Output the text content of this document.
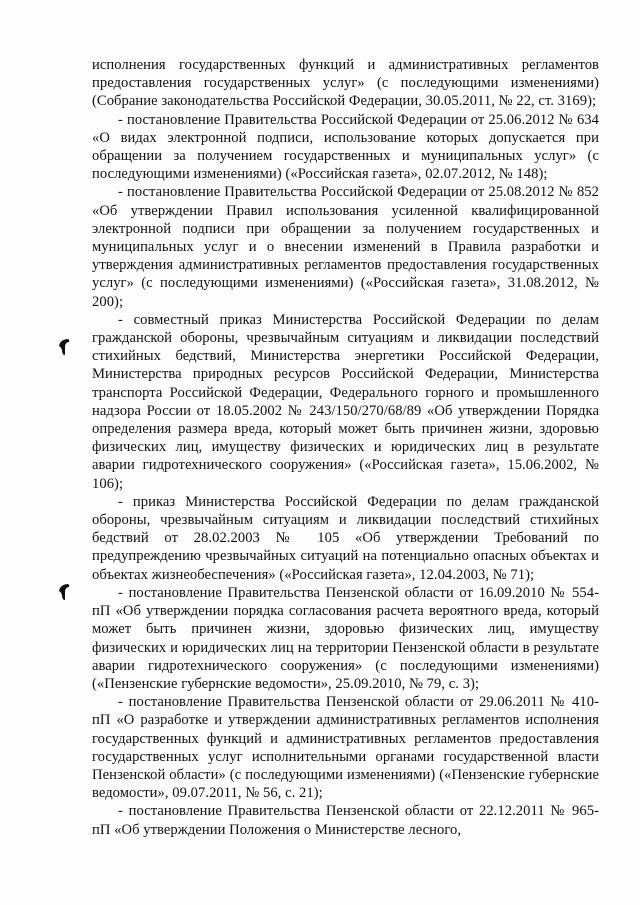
исполнения государственных функций и административных регламентов предоставления государственных услуг» (с последующими изменениями) (Собрание законодательства Российской Федерации, 30.05.2011, № 22, ст. 3169);

- постановление Правительства Российской Федерации от 25.06.2012 № 634 «О видах электронной подписи, использование которых допускается при обращении за получением государственных и муниципальных услуг» (с последующими изменениями) («Российская газета», 02.07.2012, № 148);

- постановление Правительства Российской Федерации от 25.08.2012 № 852 «Об утверждении Правил использования усиленной квалифицированной электронной подписи при обращении за получением государственных и муниципальных услуг и о внесении изменений в Правила разработки и утверждения административных регламентов предоставления государственных услуг» (с последующими изменениями) («Российская газета», 31.08.2012, № 200);

- совместный приказ Министерства Российской Федерации по делам гражданской обороны, чрезвычайным ситуациям и ликвидации последствий стихийных бедствий, Министерства энергетики Российской Федерации, Министерства природных ресурсов Российской Федерации, Министерства транспорта Российской Федерации, Федерального горного и промышленного надзора России от 18.05.2002 № 243/150/270/68/89 «Об утверждении Порядка определения размера вреда, который может быть причинен жизни, здоровью физических лиц, имуществу физических и юридических лиц в результате аварии гидротехнического сооружения» («Российская газета», 15.06.2002, № 106);

- приказ Министерства Российской Федерации по делам гражданской обороны, чрезвычайным ситуациям и ликвидации последствий стихийных бедствий от 28.02.2003 № 105 «Об утверждении Требований по предупреждению чрезвычайных ситуаций на потенциально опасных объектах и объектах жизнеобеспечения» («Российская газета», 12.04.2003, № 71);

- постановление Правительства Пензенской области от 16.09.2010 № 554-пП «Об утверждении порядка согласования расчета вероятного вреда, который может быть причинен жизни, здоровью физических лиц, имуществу физических и юридических лиц на территории Пензенской области в результате аварии гидротехнического сооружения» (с последующими изменениями) («Пензенские губернские ведомости», 25.09.2010, № 79, с. 3);

- постановление Правительства Пензенской области от 29.06.2011 № 410-пП «О разработке и утверждении административных регламентов исполнения государственных функций и административных регламентов предоставления государственных услуг исполнительными органами государственной власти Пензенской области» (с последующими изменениями) («Пензенские губернские ведомости», 09.07.2011, № 56, с. 21);

- постановление Правительства Пензенской области от 22.12.2011 № 965-пП «Об утверждении Положения о Министерстве лесного,
